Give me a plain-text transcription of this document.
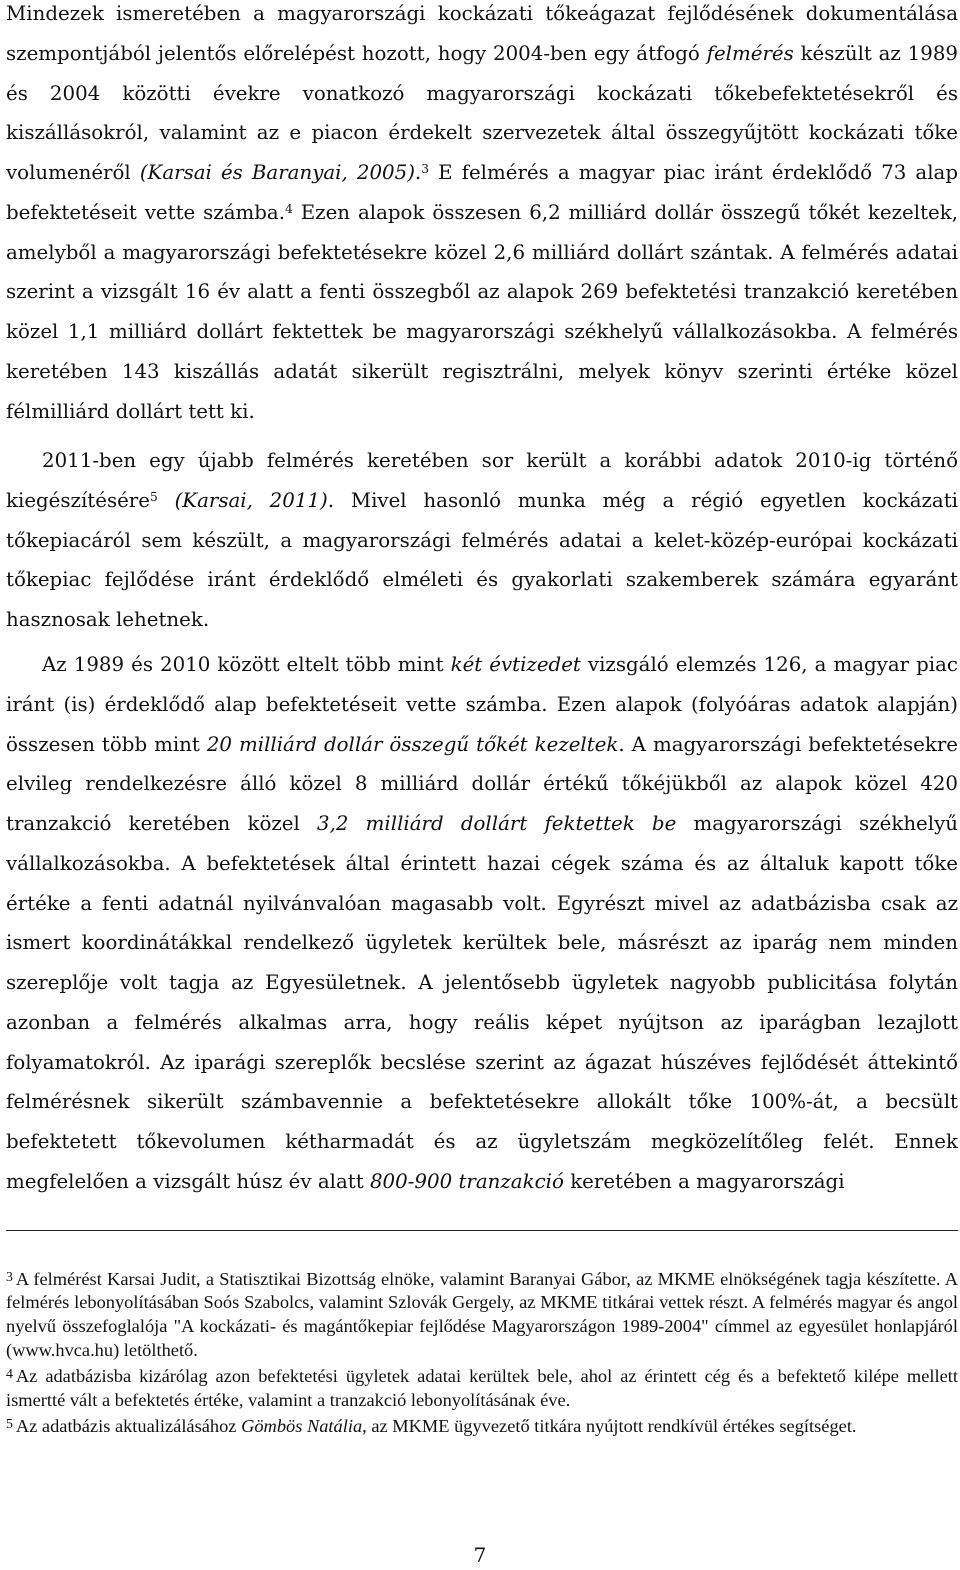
Mindezek ismeretében a magyarországi kockázati tőkeágazat fejlődésének dokumentálása szempontjából jelentős előrelépést hozott, hogy 2004-ben egy átfogó felmérés készült az 1989 és 2004 közötti évekre vonatkozó magyarországi kockázati tőkebefektetésekről és kiszállásokról, valamint az e piacon érdekelt szervezetek által összegyűjtött kockázati tőke volumenéről (Karsai és Baranyai, 2005).$^3$ E felmérés a magyar piac iránt érdeklődő 73 alap befektetéseit vette számba.$^4$ Ezen alapok összesen 6,2 milliárd dollár összegű tőkét kezeltek, amelyből a magyarországi befektetésekre közel 2,6 milliárd dollárt szántak. A felmérés adatai szerint a vizsgált 16 év alatt a fenti összegből az alapok 269 befektetési tranzakció keretében közel 1,1 milliárd dollárt fektettek be magyarországi székhelyű vállalkozásokba. A felmérés keretében 143 kiszállás adatát sikerült regisztrálni, melyek könyv szerinti értéke közel félmilliárd dollárt tett ki.

2011-ben egy újabb felmérés keretében sor került a korábbi adatok 2010-ig történő kiegészítésére$^5$ (Karsai, 2011). Mivel hasonló munka még a régió egyetlen kockázati tőkepiacáról sem készült, a magyarországi felmérés adatai a kelet-közép-európai kockázati tőkepiac fejlődése iránt érdeklődő elméleti és gyakorlati szakemberek számára egyaránt hasznosak lehetnek.

Az 1989 és 2010 között eltelt több mint két évtizedet vizsgáló elemzés 126, a magyar piac iránt (is) érdeklődő alap befektetéseit vette számba. Ezen alapok (folyóáras adatok alapján) összesen több mint 20 milliárd dollár összegű tőkét kezeltek. A magyarországi befektetésekre elvileg rendelkezésre álló közel 8 milliárd dollár értékű tőkéjükből az alapok közel 420 tranzakció keretében közel 3,2 milliárd dollárt fektettek be magyarországi székhelyű vállalkozásokba. A befektetések által érintett hazai cégek száma és az általuk kapott tőke értéke a fenti adatnál nyilvánvalóan magasabb volt. Egyrészt mivel az adatbázisba csak az ismert koordinátákkal rendelkező ügyletek kerültek bele, másrészt az iparág nem minden szereplője volt tagja az Egyesületnek. A jelentősebb ügyletek nagyobb publicitása folytán azonban a felmérés alkalmas arra, hogy reális képet nyújtson az iparágban lezajlott folyamatokról. Az iparági szereplők becslése szerint az ágazat húszéves fejlődését áttekintő felmérésnek sikerült számbavennie a befektetésekre allokált tőke 100%-át, a becsült befektetett tőkevolumen kétharmadát és az ügyletszám megközelítőleg felét. Ennek megfelelően a vizsgált húsz év alatt 800-900 tranzakció keretében a magyarországi

$^3$ A felmérést Karsai Judit, a Statisztikai Bizottság elnöke, valamint Baranyai Gábor, az MKME elnökségének tagja készítette. A felmérés lebonyolításában Soós Szabolcs, valamint Szlovák Gergely, az MKME titkárai vettek részt. A felmérés magyar és angol nyelvű összefoglalója "A kockázati- és magántőkepiar fejlődése Magyarországon 1989-2004" címmel az egyesület honlapjáról (www.hvca.hu) letölthető.

$^4$ Az adatbázisba kizárólag azon befektetési ügyletek adatai kerültek bele, ahol az érintett cég és a befektető kilépe mellett ismertté vált a befektetés értéke, valamint a tranzakció lebonyolításának éve.

$^5$ Az adatbázis aktualizálásához Gömbös Natália, az MKME ügyvezető titkára nyújtott rendkívül értékes segítséget.

7
